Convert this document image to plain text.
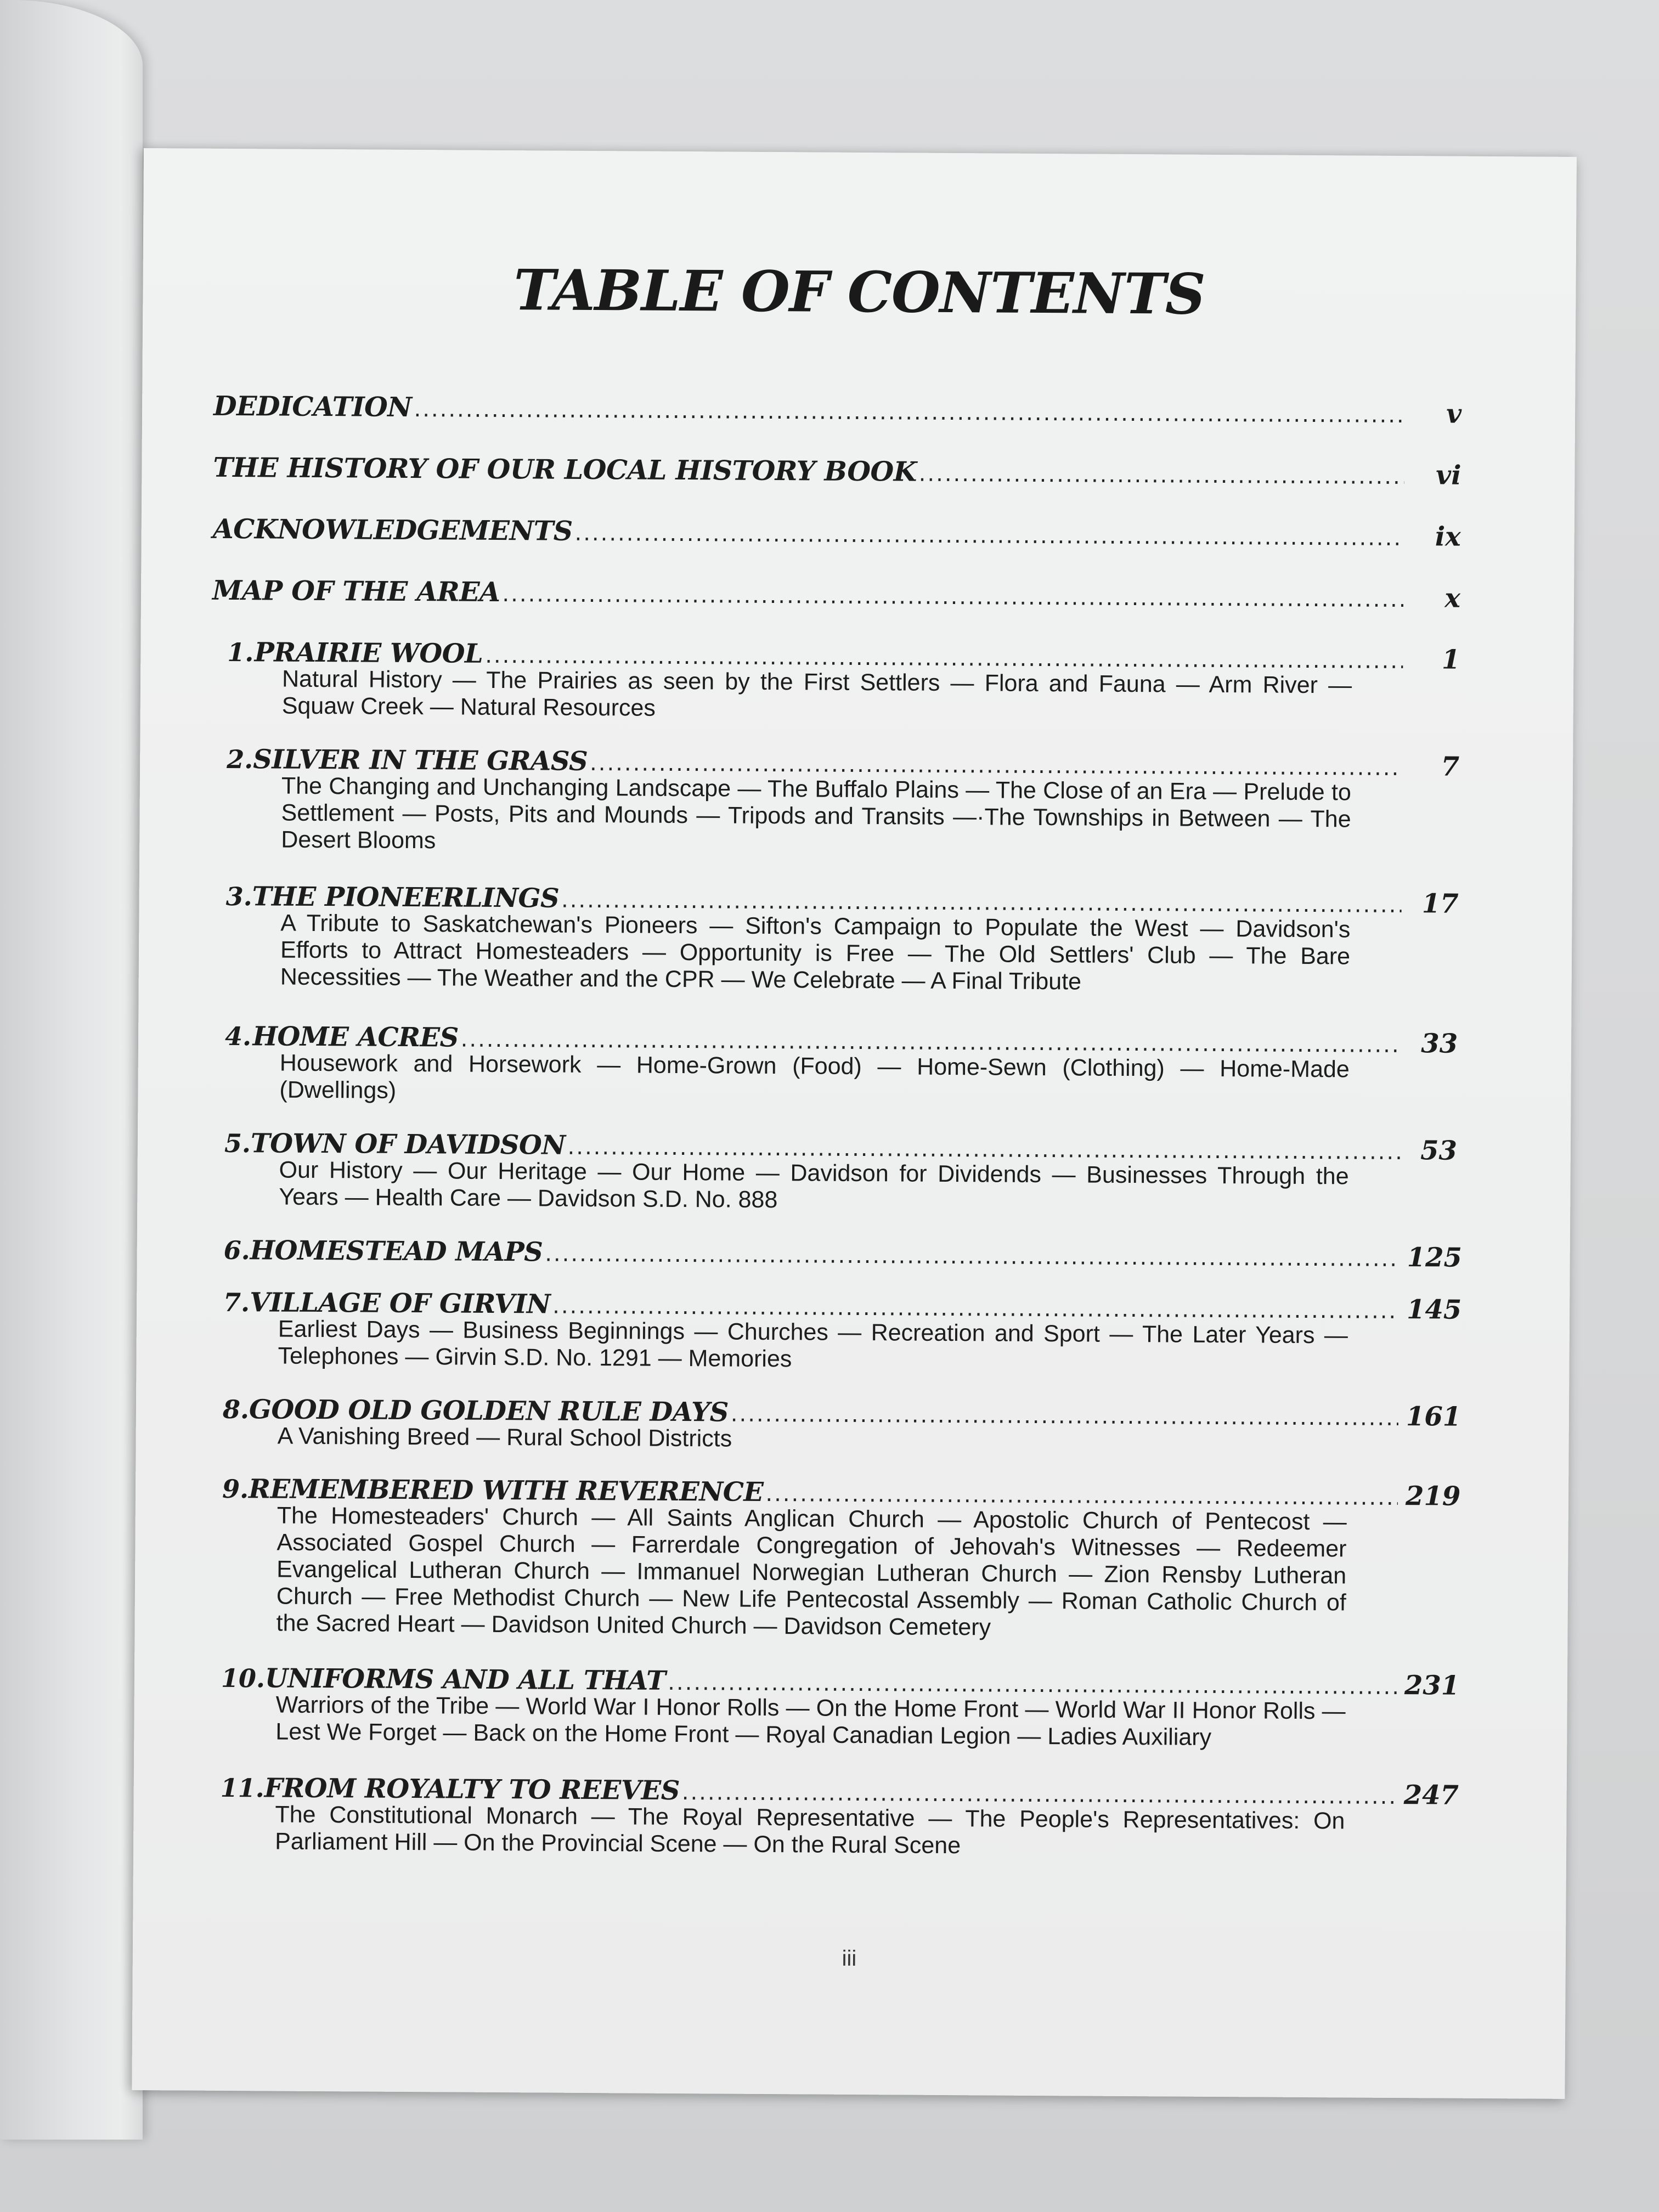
TABLE OF CONTENTS
DEDICATION .....	v
THE HISTORY OF OUR LOCAL HISTORY BOOK .....	vi
ACKNOWLEDGEMENTS .....	ix
MAP OF THE AREA .....	x
1. PRAIRIE WOOL .....	1
Natural History — The Prairies as seen by the First Settlers — Flora and Fauna — Arm River — Squaw Creek — Natural Resources
2. SILVER IN THE GRASS .....	7
The Changing and Unchanging Landscape — The Buffalo Plains — The Close of an Era — Prelude to Settlement — Posts, Pits and Mounds — Tripods and Transits —·The Townships in Between — The Desert Blooms
3. THE PIONEERLINGS .....	17
A Tribute to Saskatchewan's Pioneers — Sifton's Campaign to Populate the West — Davidson's Efforts to Attract Homesteaders — Opportunity is Free — The Old Settlers' Club — The Bare Necessities — The Weather and the CPR — We Celebrate — A Final Tribute
4. HOME ACRES .....	33
Housework and Horsework — Home-Grown (Food) — Home-Sewn (Clothing) — Home-Made (Dwellings)
5. TOWN OF DAVIDSON .....	53
Our History — Our Heritage — Our Home — Davidson for Dividends — Businesses Through the Years — Health Care — Davidson S.D. No. 888
6. HOMESTEAD MAPS .....	125
7. VILLAGE OF GIRVIN .....	145
Earliest Days — Business Beginnings — Churches — Recreation and Sport — The Later Years — Telephones — Girvin S.D. No. 1291 — Memories
8. GOOD OLD GOLDEN RULE DAYS .....	161
A Vanishing Breed — Rural School Districts
9. REMEMBERED WITH REVERENCE .....	219
The Homesteaders' Church — All Saints Anglican Church — Apostolic Church of Pentecost — Associated Gospel Church — Farrerdale Congregation of Jehovah's Witnesses — Redeemer Evangelical Lutheran Church — Immanuel Norwegian Lutheran Church — Zion Rensby Lutheran Church — Free Methodist Church — New Life Pentecostal Assembly — Roman Catholic Church of the Sacred Heart — Davidson United Church — Davidson Cemetery
10. UNIFORMS AND ALL THAT .....	231
Warriors of the Tribe — World War I Honor Rolls — On the Home Front — World War II Honor Rolls — Lest We Forget — Back on the Home Front — Royal Canadian Legion — Ladies Auxiliary
11. FROM ROYALTY TO REEVES .....	247
The Constitutional Monarch — The Royal Representative — The People's Representatives: On Parliament Hill — On the Provincial Scene — On the Rural Scene
iii
